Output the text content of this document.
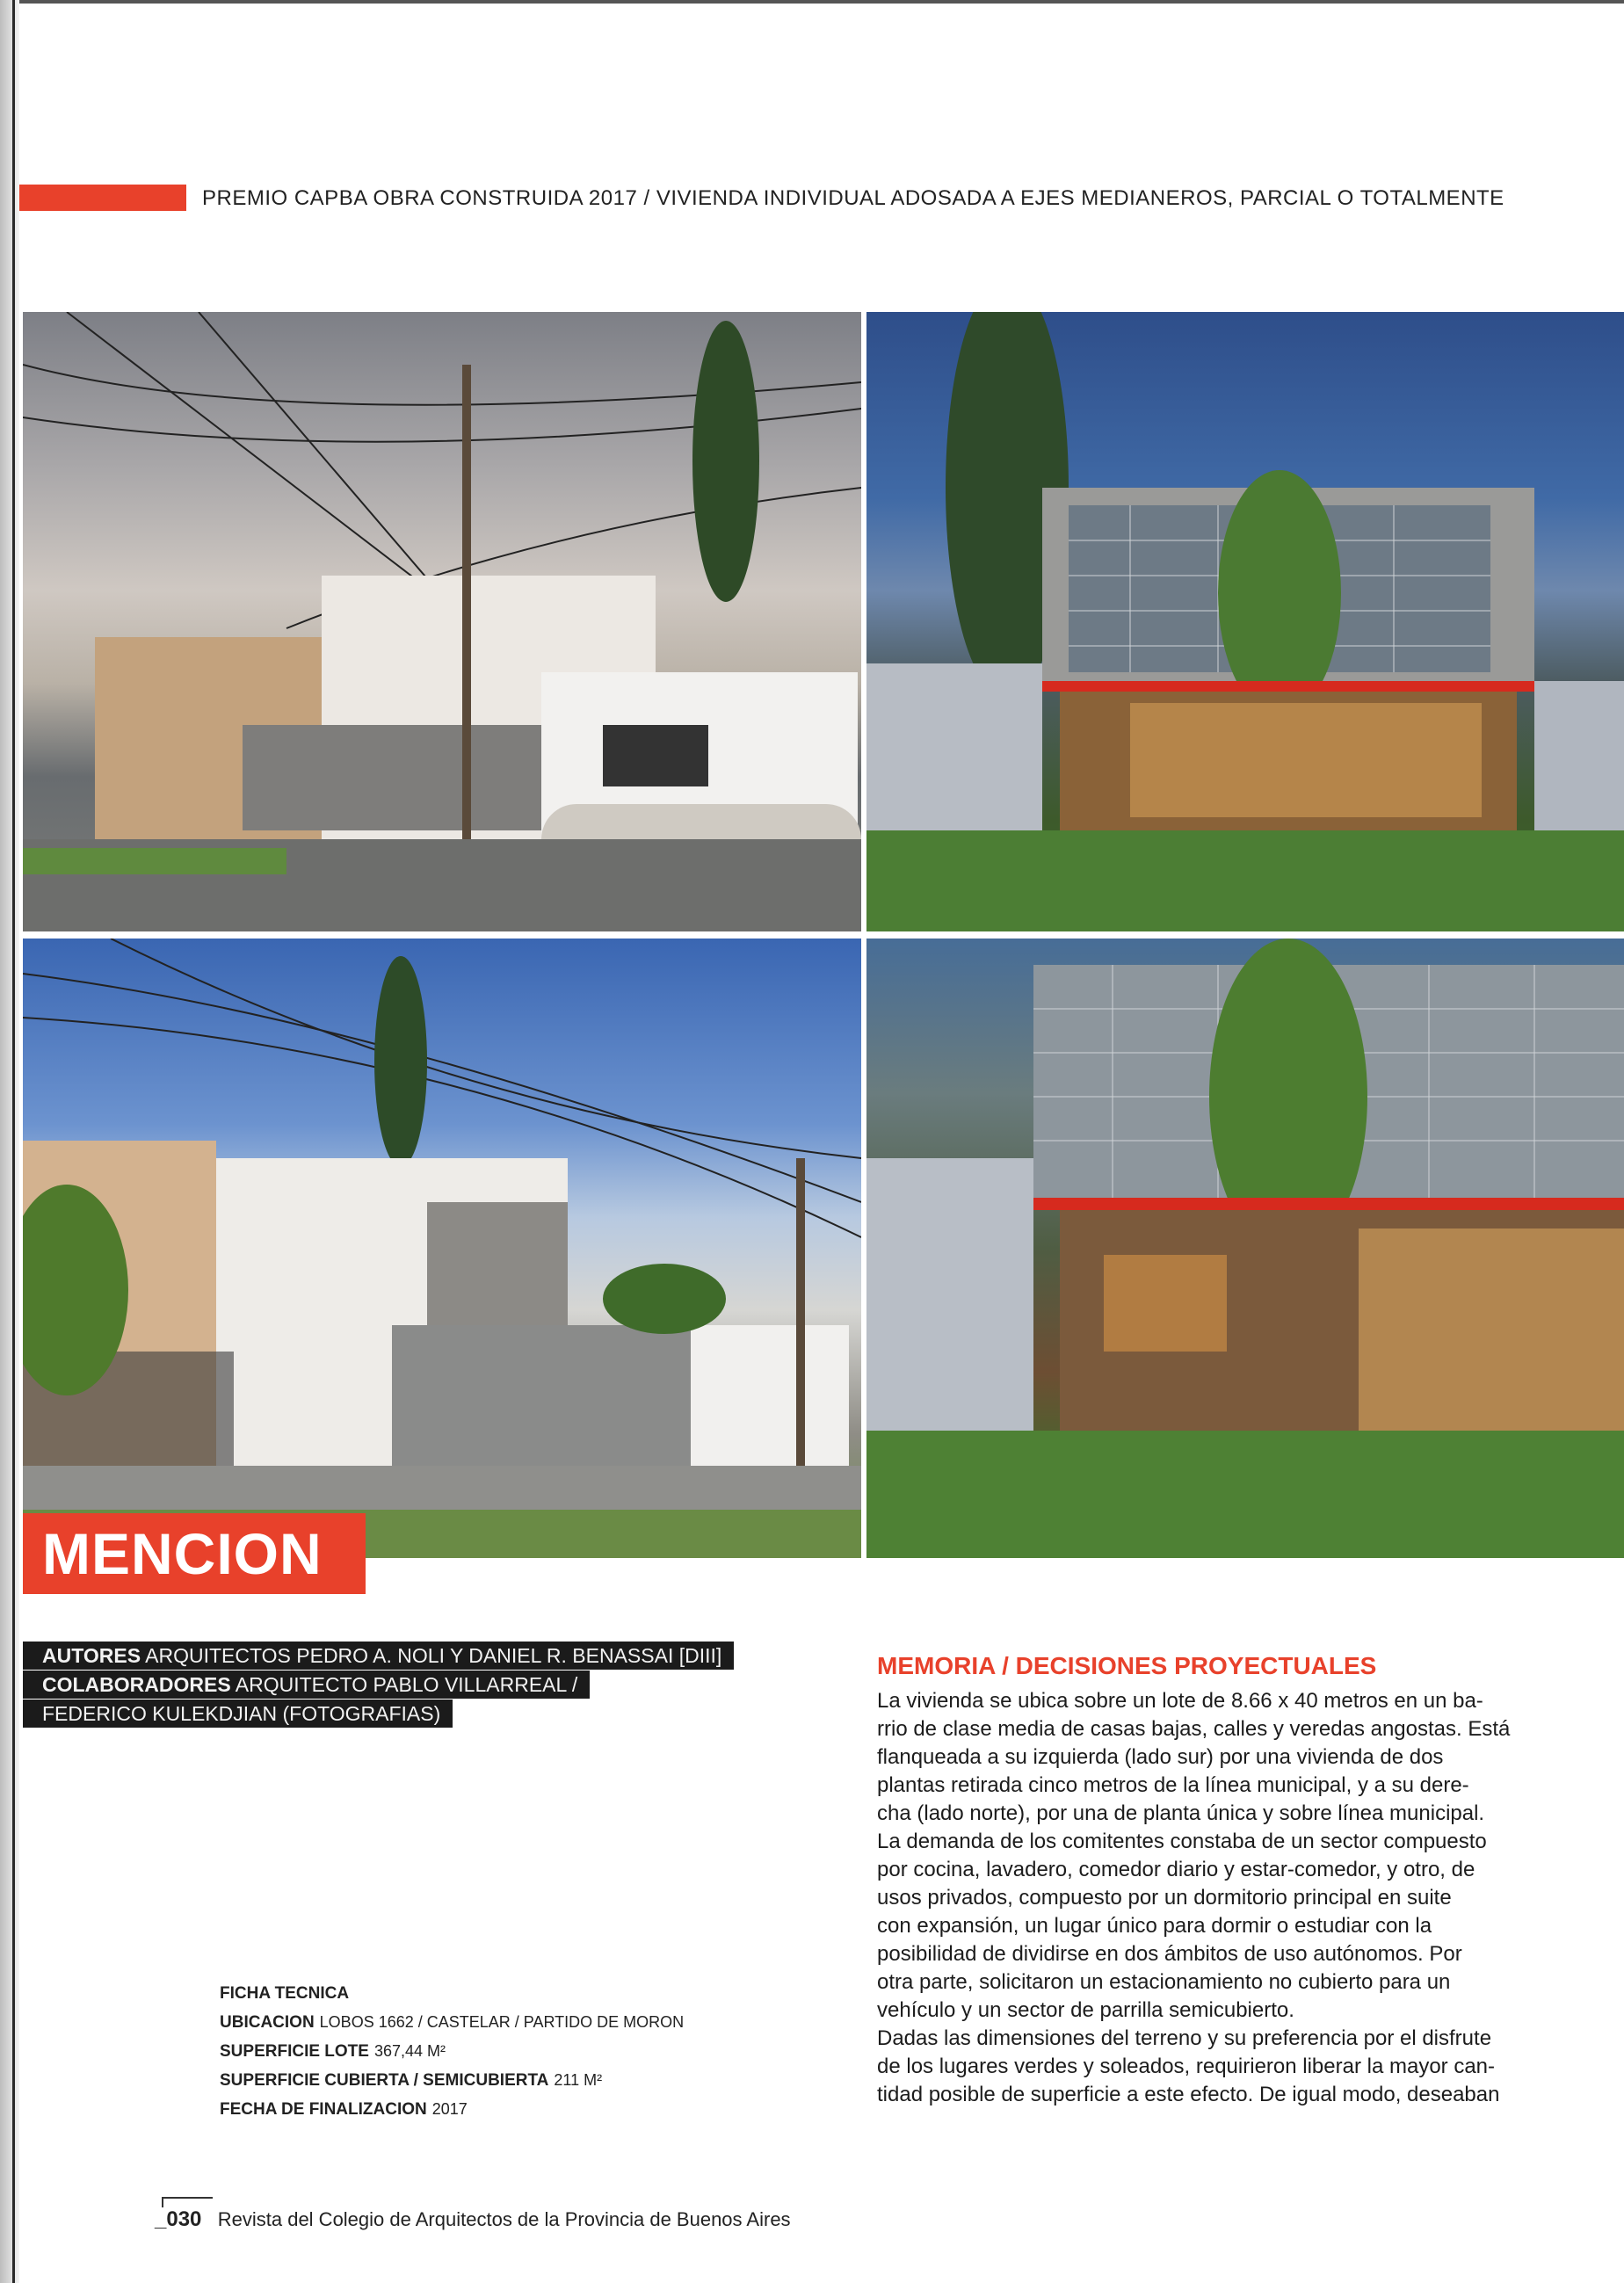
PREMIO CAPBA OBRA CONSTRUIDA 2017 / VIVIENDA INDIVIDUAL ADOSADA A EJES MEDIANEROS, PARCIAL O TOTALMENTE
MENCION
AUTORES ARQUITECTOS PEDRO A. NOLI Y DANIEL R. BENASSAI [DIII]
COLABORADORES ARQUITECTO PABLO VILLARREAL /
FEDERICO KULEKDJIAN (FOTOGRAFIAS)
FICHA TECNICA
UBICACION LOBOS 1662 / CASTELAR / PARTIDO DE MORON
SUPERFICIE LOTE 367,44 M²
SUPERFICIE CUBIERTA / SEMICUBIERTA 211 M²
FECHA DE FINALIZACION 2017
MEMORIA / DECISIONES PROYECTUALES
La vivienda se ubica sobre un lote de 8.66 x 40 metros en un ba-
rrio de clase media de casas bajas, calles y veredas angostas. Está
flanqueada a su izquierda (lado sur) por una vivienda de dos
plantas retirada cinco metros de la línea municipal, y a su dere-
cha (lado norte), por una de planta única y sobre línea municipal.
La demanda de los comitentes constaba de un sector compuesto
por cocina, lavadero, comedor diario y estar-comedor, y otro, de
usos privados, compuesto por un dormitorio principal en suite
con expansión, un lugar único para dormir o estudiar con la
posibilidad de dividirse en dos ámbitos de uso autónomos. Por
otra parte, solicitaron un estacionamiento no cubierto para un
vehículo y un sector de parrilla semicubierto.
Dadas las dimensiones del terreno y su preferencia por el disfrute
de los lugares verdes y soleados, requirieron liberar la mayor can-
tidad posible de superficie a este efecto. De igual modo, deseaban
_030 Revista del Colegio de Arquitectos de la Provincia de Buenos Aires
